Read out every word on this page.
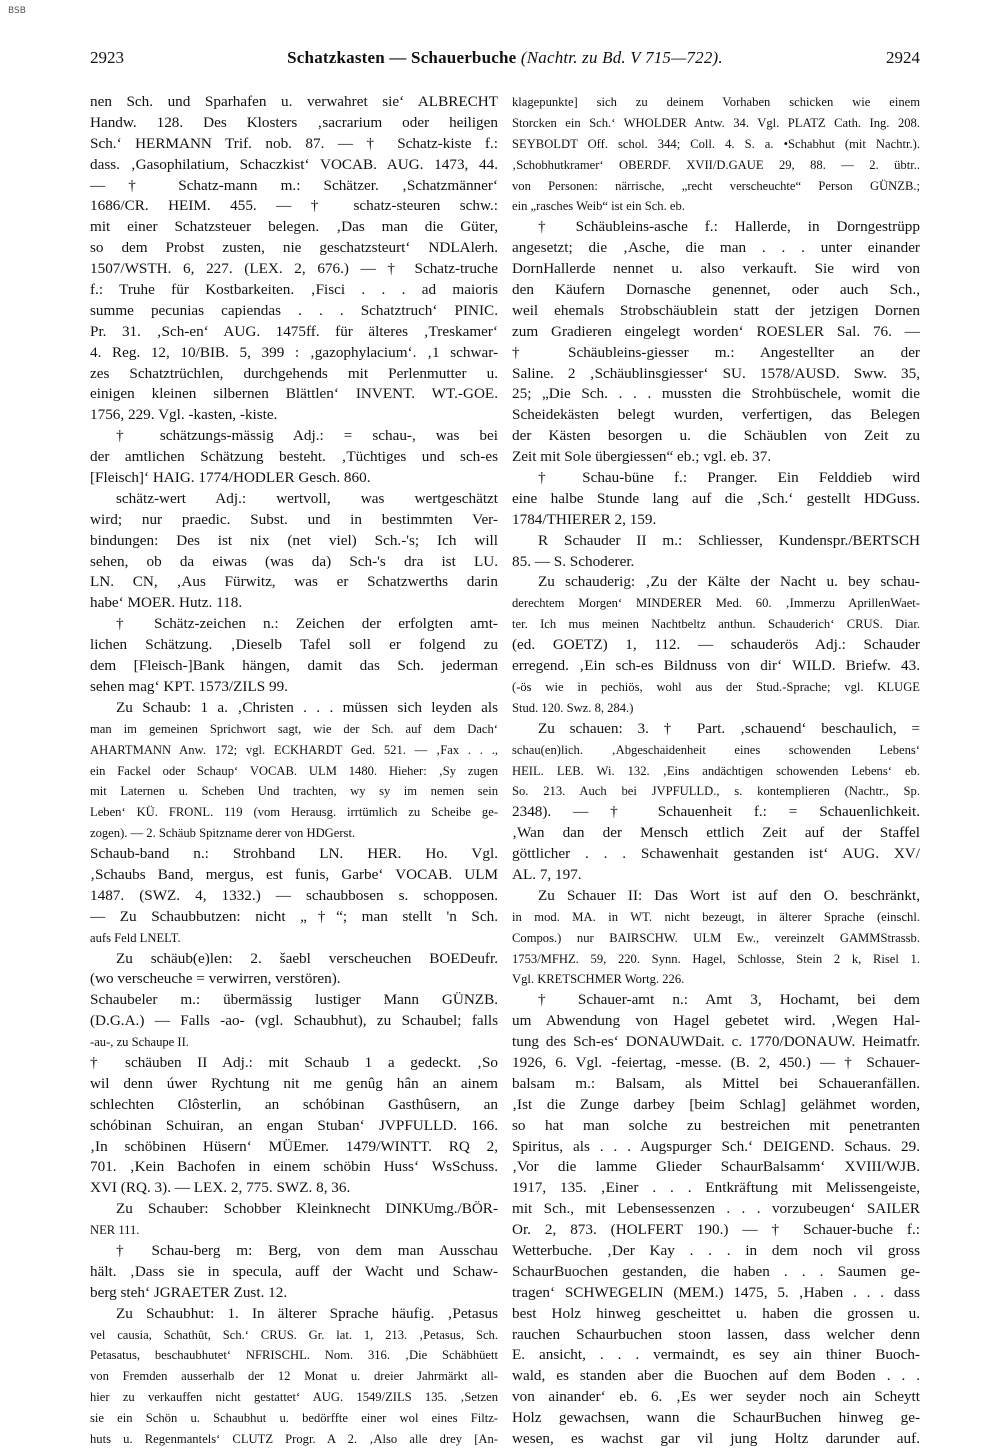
BSB
2923	Schatzkasten — Schauerbuche (Nachtr. zu Bd. V 715—722).	2924
nen Sch. und Sparhafen u. verwahret sie‘ ALBRECHT
Handw. 128. Des Klosters ‚sacrarium oder heiligen
Sch.‘ HERMANN Trif. nob. 87. — † Schatz-kiste f.:
dass. ‚Gasophilatium, Schaczkist‘ VOCAB. AUG. 1473, 44.
— † Schatz-mann m.: Schätzer. ‚Schatzmänner‘
1686/CR. HEIM. 455. — † schatz-steuren schw.:
mit einer Schatzsteuer belegen. ‚Das man die Güter,
so dem Probst zusten, nie geschatzsteurt‘ NDLAlerh.
1507/WSTH. 6, 227. (LEX. 2, 676.) — † Schatz-truche
f.: Truhe für Kostbarkeiten. ‚Fisci . . . ad maioris
summe pecunias capiendas . . . Schatztruch‘ PINIC.
Pr. 31. ‚Sch-en‘ AUG. 1475ff. für älteres ‚Treskamer‘
4. Reg. 12, 10/BIB. 5, 399 : ‚gazophylacium‘. ‚1 schwar-
zes Schatztrüchlen, durchgehends mit Perlenmutter u.
einigen kleinen silbernen Blättlen‘ INVENT. WT.-GOE.
1756, 229. Vgl. -kasten, -kiste.
† schätzungs-mässig Adj.: = schau-, was bei
der amtlichen Schätzung besteht. ‚Tüchtiges und sch-es
[Fleisch]‘ HAIG. 1774/HODLER Gesch. 860.
schätz-wert Adj.: wertvoll, was wertgeschätzt
wird; nur praedic. Subst. und in bestimmten Ver-
bindungen: Des ist nix (net viel) Sch.-'s; Ich will
sehen, ob da eiwas (was da) Sch-'s dra ist LU.
LN. CN, ‚Aus Fürwitz, was er Schatzwerths darin
habe‘ MOER. Hutz. 118.
† Schätz-zeichen n.: Zeichen der erfolgten amt-
lichen Schätzung. ‚Dieselb Tafel soll er folgend zu
dem [Fleisch-]Bank hängen, damit das Sch. jederman
sehen mag‘ KPT. 1573/ZILS 99.
Zu Schaub: 1 a. ‚Christen . . . müssen sich leyden als
man im gemeinen Sprichwort sagt, wie der Sch. auf dem Dach‘
AHARTMANN Anw. 172; vgl. ECKHARDT Ged. 521. — ‚Fax . . .,
ein Fackel oder Schaup‘ VOCAB. ULM 1480. Hieher: ‚Sy zugen
mit Laternen u. Scheben Und trachten, wy sy im nemen sein
Leben‘ KÜ. FRONL. 119 (vom Herausg. irrtümlich zu Scheibe ge-
zogen). — 2. Schäub Spitzname derer von HDGerst.
Schaub-band n.: Strohband LN. HER. Ho. Vgl.
‚Schaubs Band, mergus, est funis, Garbe‘ VOCAB. ULM
1487. (SWZ. 4, 1332.) — schaubbosen s. schopposen.
— Zu Schaubbutzen: nicht „†“; man stellt 'n Sch.
aufs Feld LNELT.
Zu schäub(e)len: 2. šaebl verscheuchen BOEDeufr.
(wo verscheuche = verwirren, verstören).
Schaubeler m.: übermässig lustiger Mann GÜNZB.
(D.G.A.) — Falls -ao- (vgl. Schaubhut), zu Schaubel; falls
-au-, zu Schaupe II.
† schäuben II Adj.: mit Schaub 1 a gedeckt. ‚So
wil denn úwer Rychtung nit me genûg hân an ainem
schlechten Clôsterlin, an schóbinan Gasthûsern, an
schóbinan Schuiran, an engan Stuban‘ JVPFULLD. 166.
‚In schöbinen Hüsern‘ MÜEmer. 1479/WINTT. RQ 2,
701. ‚Kein Bachofen in einem schöbin Huss‘ WsSchuss.
XVI (RQ. 3). — LEX. 2, 775. SWZ. 8, 36.
Zu Schauber: Schobber Kleinknecht DINKUmg./BÖR-
NER 111.
† Schau-berg m: Berg, von dem man Ausschau
hält. ‚Dass sie in specula, auff der Wacht und Schaw-
berg steh‘ JGRAETER Zust. 12.
Zu Schaubhut: 1. In älterer Sprache häufig. ‚Petasus
vel causia, Schathût, Sch.‘ CRUS. Gr. lat. 1, 213. ‚Petasus, Sch.
Petasatus, beschaubhutet‘ NFRISCHL. Nom. 316. ‚Die Schäbhüett
von Fremden ausserhalb der 12 Monat u. dreier Jahrmärkt all-
hier zu verkauffen nicht gestattet‘ AUG. 1549/ZILS 135. ‚Setzen
sie ein Schön u. Schaubhut u. bedörffte einer wol eines Filtz-
huts u. Regenmantels‘ CLUTZ Progr. A 2. ‚Also alle drey [An-
klagepunkte] sich zu deinem Vorhaben schicken wie einem
Storcken ein Sch.‘ WHOLDER Antw. 34. Vgl. PLATZ Cath. Ing. 208.
SEYBOLDT Off. schol. 344; Coll. 4. S. a. •Schabhut (mit Nachtr.).
‚Schobhutkramer‘ OBERDF. XVII/D.GAUE 29, 88. — 2. übtr..
von Personen: närrische, „recht verscheuchte“ Person GÜNZB.;
ein „rasches Weib“ ist ein Sch. eb.
† Schäubleins-asche f.: Hallerde, in Dorngestrüpp
angesetzt; die ‚Asche, die man . . . unter einander
DornHallerde nennet u. also verkauft. Sie wird von
den Käufern Dornasche genennet, oder auch Sch.,
weil ehemals Strobschäublein statt der jetzigen Dornen
zum Gradieren eingelegt worden‘ ROESLER Sal. 76. —
† Schäubleins-giesser m.: Angestellter an der
Saline. 2 ‚Schäublinsgiesser‘ SU. 1578/AUSD. Sww. 35,
25; „Die Sch. . . . mussten die Strohbüschele, womit die
Scheidekästen belegt wurden, verfertigen, das Belegen
der Kästen besorgen u. die Schäublen von Zeit zu
Zeit mit Sole übergiessen“ eb.; vgl. eb. 37.
† Schau-büne f.: Pranger. Ein Felddieb wird
eine halbe Stunde lang auf die ‚Sch.‘ gestellt HDGuss.
1784/THIERER 2, 159.
R Schauder II m.: Schliesser, Kundenspr./BERTSCH
85. — S. Schoderer.
Zu schauderig: ‚Zu der Kälte der Nacht u. bey schau-
derechtem Morgen‘ MINDERER Med. 60. ‚Immerzu AprillenWaet-
ter. Ich mus meinen Nachtbeltz anthun. Schauderich‘ CRUS. Diar.
(ed. GOETZ) 1, 112. — schauderös Adj.: Schauder
erregend. ‚Ein sch-es Bildnuss von dir‘ WILD. Briefw. 43.
(-ös wie in pechiös, wohl aus der Stud.-Sprache; vgl. KLUGE
Stud. 120. Swz. 8, 284.)
Zu schauen: 3. † Part. ‚schauend‘ beschaulich, =
schau(en)lich. ‚Abgeschaidenheit eines schowenden Lebens‘
HEIL. LEB. Wi. 132. ‚Eins andächtigen schowenden Lebens‘ eb.
So. 213. Auch bei JVPFULLD., s. kontemplieren (Nachtr., Sp.
2348). — † Schauenheit f.: = Schauenlichkeit.
‚Wan dan der Mensch ettlich Zeit auf der Staffel
göttlicher . . . Schawenhait gestanden ist‘ AUG. XV/
AL. 7, 197.
Zu Schauer II: Das Wort ist auf den O. beschränkt,
in mod. MA. in WT. nicht bezeugt, in älterer Sprache (einschl.
Compos.) nur BAIRSCHW. ULM Ew., vereinzelt GAMMStrassb.
1753/MFHZ. 59, 220. Synn. Hagel, Schlosse, Stein 2 k, Risel 1.
Vgl. KRETSCHMER Wortg. 226.
† Schauer-amt n.: Amt 3, Hochamt, bei dem
um Abwendung von Hagel gebetet wird. ‚Wegen Hal-
tung des Sch-es‘ DONAUWDait. c. 1770/DONAUW. Heimatfr.
1926, 6. Vgl. -feiertag, -messe. (B. 2, 450.) — † Schauer-
balsam m.: Balsam, als Mittel bei Schaueranfällen.
‚Ist die Zunge darbey [beim Schlag] gelähmet worden,
so hat man solche zu bestreichen mit penetranten
Spiritus, als . . . Augspurger Sch.‘ DEIGEND. Schaus. 29.
‚Vor die lamme Glieder SchaurBalsamm‘ XVIII/WJB.
1917, 135. ‚Einer . . . Entkräftung mit Melissengeiste,
mit Sch., mit Lebensessenzen . . . vorzubeugen‘ SAILER
Or. 2, 873. (HOLFERT 190.) — † Schauer-buche f.:
Wetterbuche. ‚Der Kay . . . in dem noch vil gross
SchaurBuochen gestanden, die haben . . . Saumen ge-
tragen‘ SCHWEGELIN (MEM.) 1475, 5. ‚Haben . . . dass
best Holz hinweg gescheittet u. haben die grossen u.
rauchen Schaurbuchen stoon lassen, dass welcher denn
E. ansicht, . . . vermaindt, es sey ain thiner Buoch-
wald, es standen aber die Buochen auf dem Boden . . .
von ainander‘ eb. 6. ‚Es wer seyder noch ain Scheytt
Holz gewachsen, wann die SchaurBuchen hinweg ge-
wesen, es wachst gar vil jung Holtz darunder auf.
